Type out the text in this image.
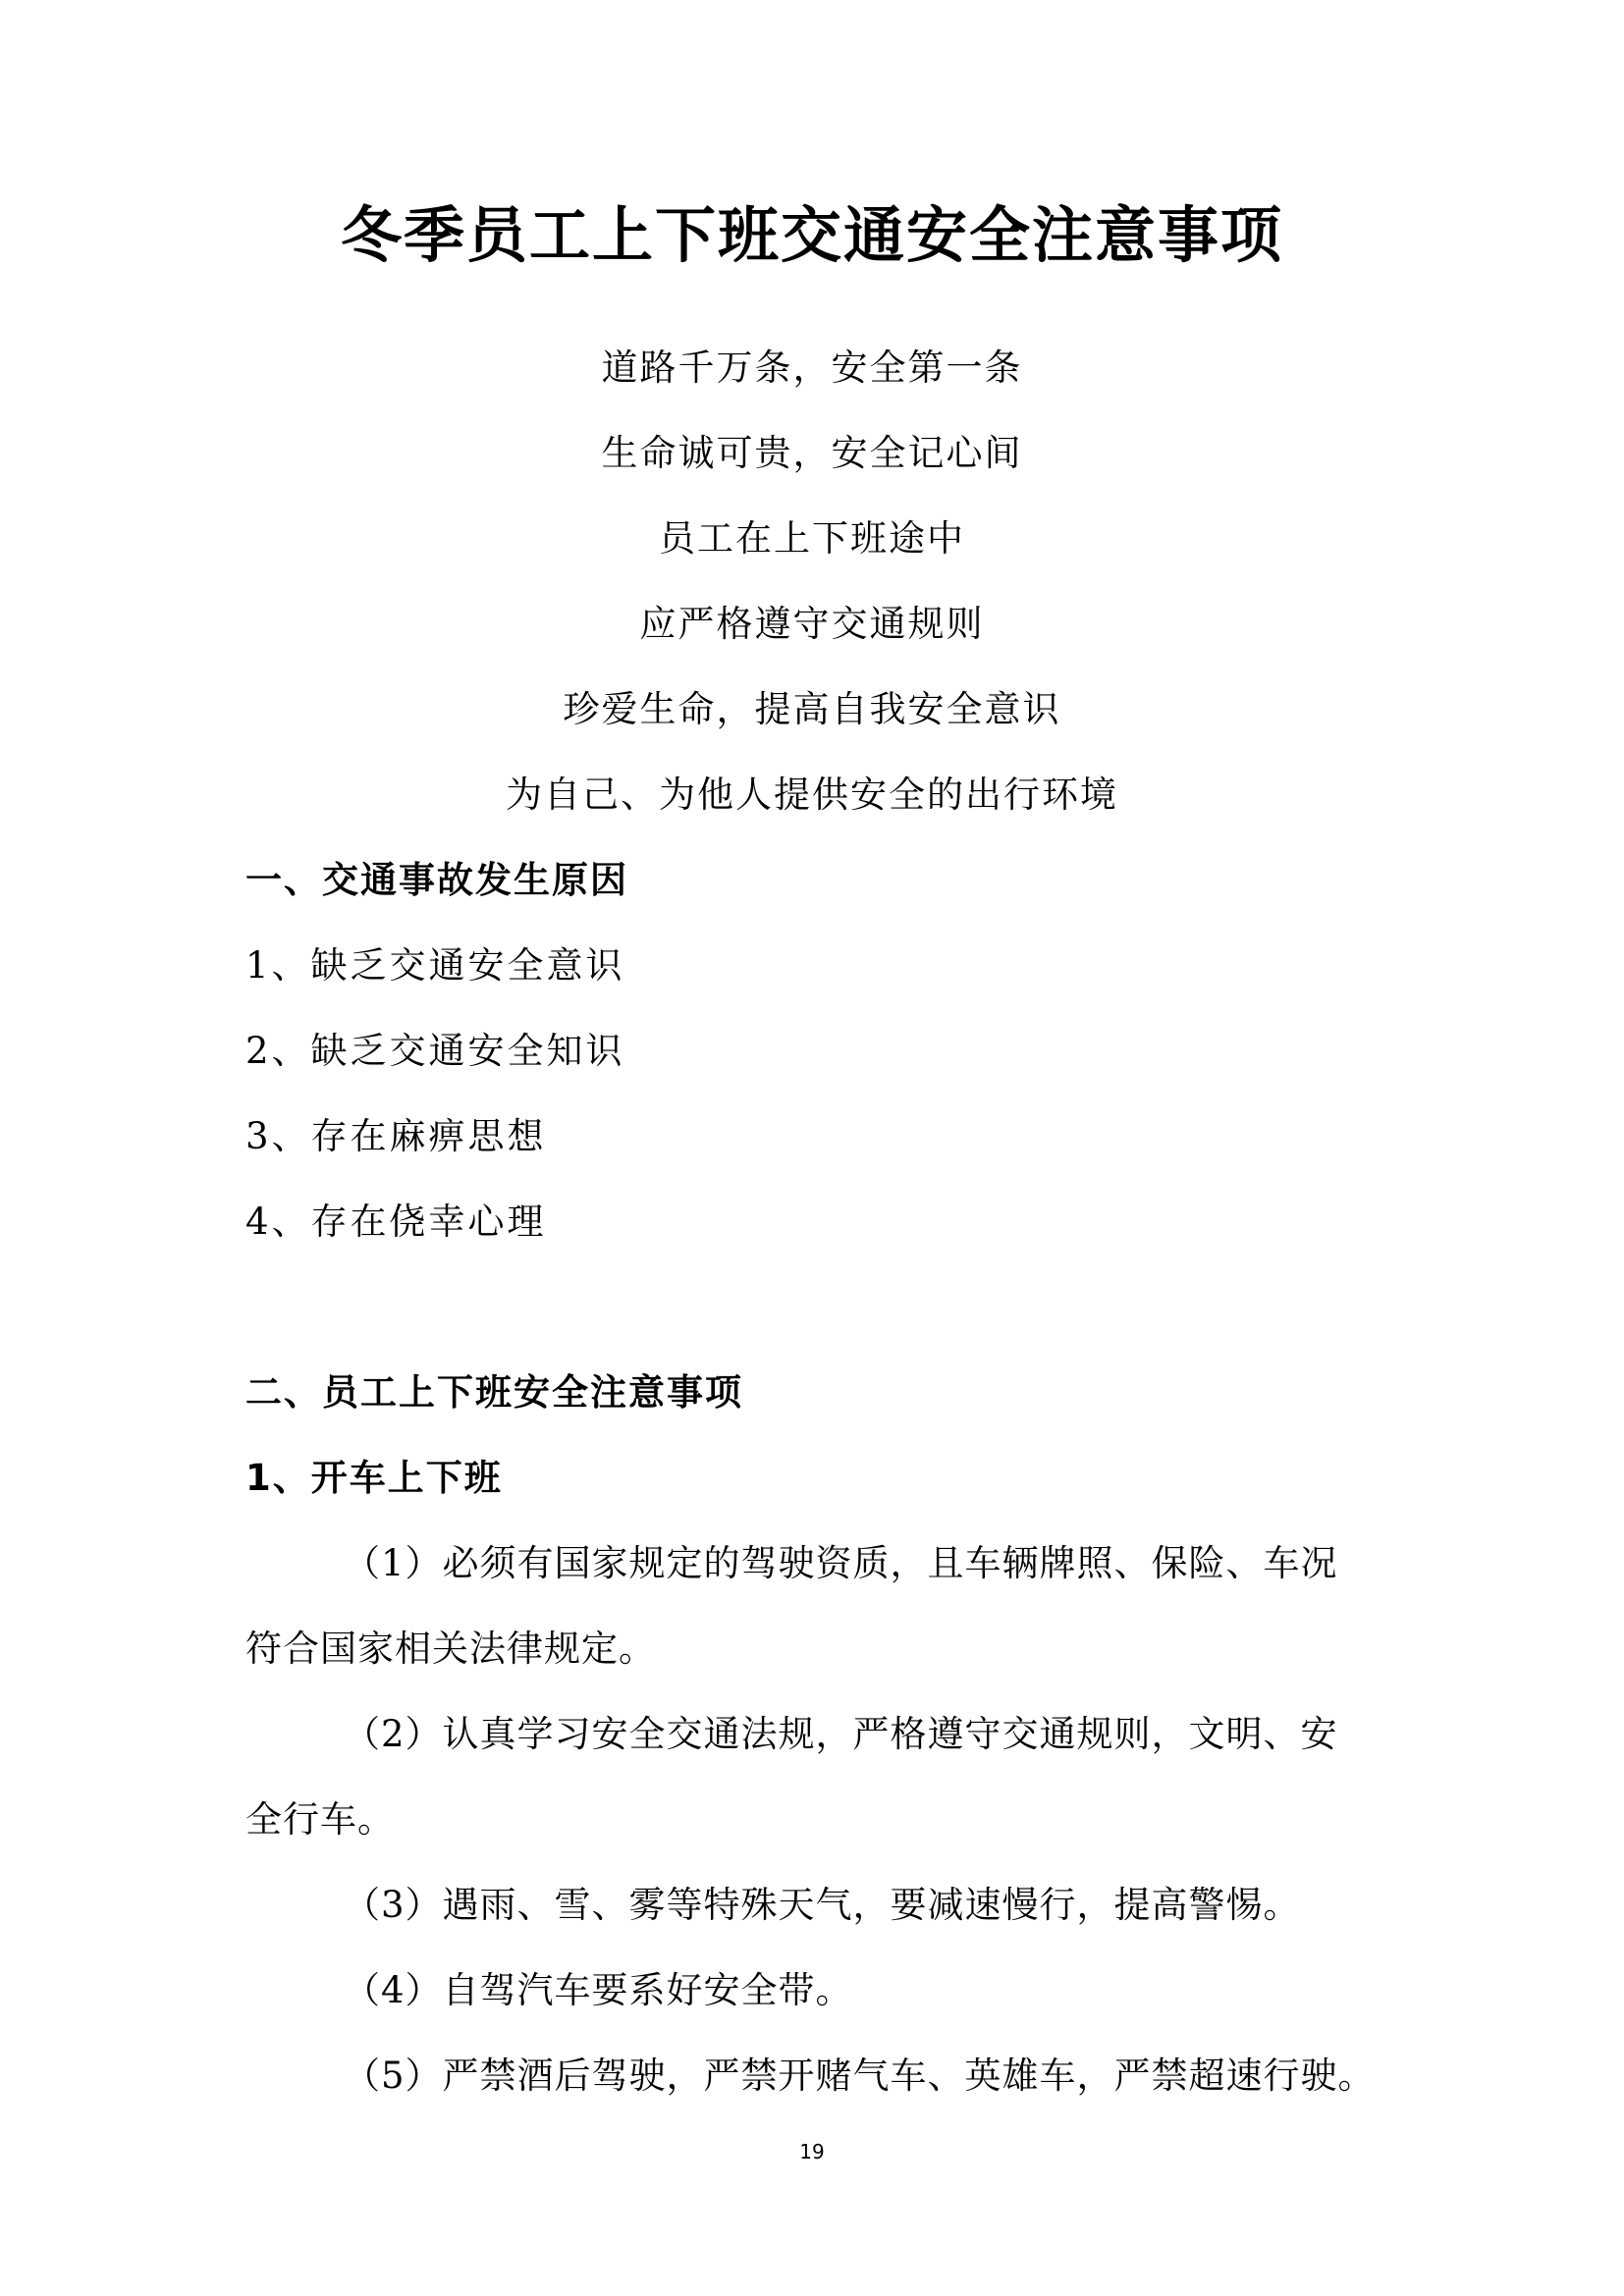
冬季员工上下班交通安全注意事项
道路千万条，安全第一条
生命诚可贵，安全记心间
员工在上下班途中
应严格遵守交通规则
珍爱生命，提高自我安全意识
为自己、为他人提供安全的出行环境
一、交通事故发生原因
1、缺乏交通安全意识
2、缺乏交通安全知识
3、存在麻痹思想
4、存在侥幸心理
二、员工上下班安全注意事项
1、开车上下班
（1）必须有国家规定的驾驶资质，且车辆牌照、保险、车况
符合国家相关法律规定。
（2）认真学习安全交通法规，严格遵守交通规则，文明、安
全行车。
（3）遇雨、雪、雾等特殊天气，要减速慢行，提高警惕。
（4）自驾汽车要系好安全带。
（5）严禁酒后驾驶，严禁开赌气车、英雄车，严禁超速行驶。
19
